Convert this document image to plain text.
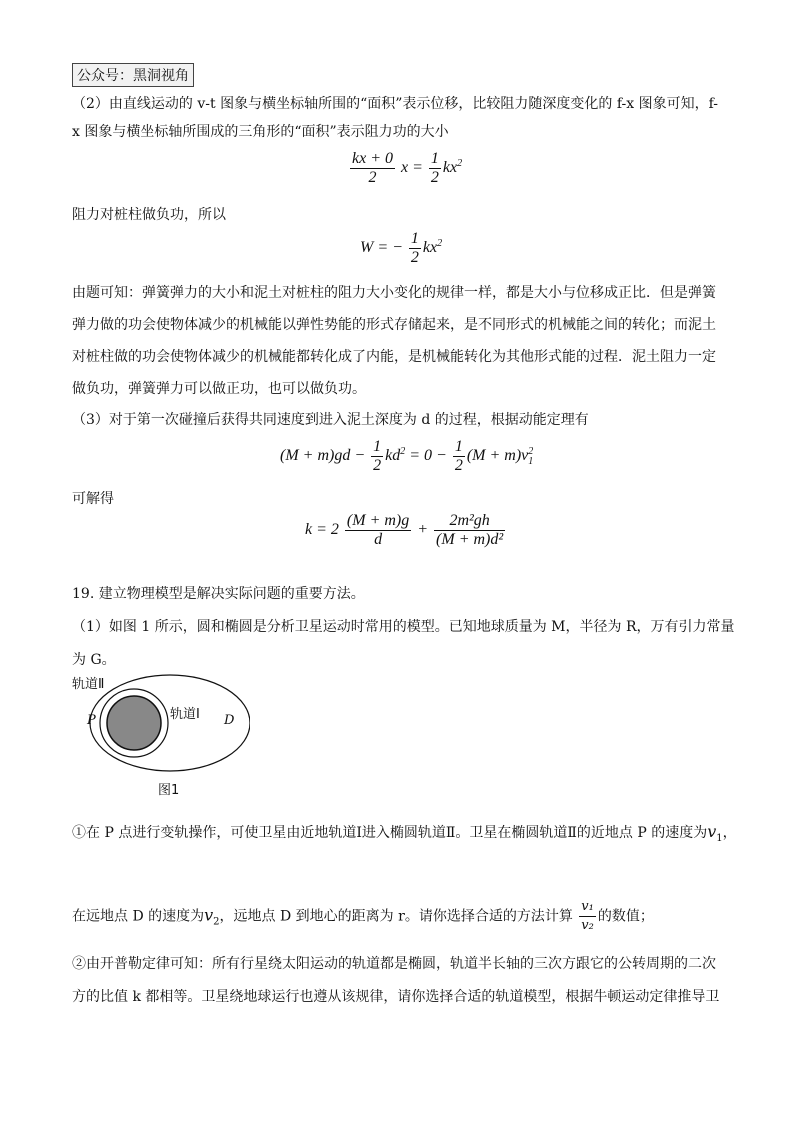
公众号：黑洞视角
（2）由直线运动的 v-t 图象与横坐标轴所围的“面积”表示位移，比较阻力随深度变化的 f-x 图象可知，f-
x 图象与横坐标轴所围成的三角形的“面积”表示阻力功的大小
$\frac{kx + 0}{2}$ $x = \frac{1}{2} kx^2$
阻力对桩柱做负功，所以
W = − $\frac{1}{2} kx^2$
由题可知：弹簧弹力的大小和泥土对桩柱的阻力大小变化的规律一样，都是大小与位移成正比．但是弹簧
弹力做的功会使物体减少的机械能以弹性势能的形式存储起来，是不同形式的机械能之间的转化；而泥土
对桩柱做的功会使物体减少的机械能都转化成了内能，是机械能转化为其他形式能的过程．泥土阻力一定
做负功，弹簧弹力可以做正功，也可以做负功。
（3）对于第一次碰撞后获得共同速度到进入泥土深度为 d 的过程，根据动能定理有
$(M + m)gd - \frac{1}{2} kd^2 = 0 - \frac{1}{2} (M + m)v$ 2
1
可解得
$k = 2 \frac{(M + m)g}{d} + \frac{\text{2m²gh}}{\text{(M + m)d²}}$
19. 建立物理模型是解决实际问题的重要方法。
（1）如图 1 所示，圆和椭圆是分析卫星运动时常用的模型。已知地球质量为 M，半径为 R，万有引力常量
为 G。
轨道Ⅱ
轨道Ⅰ
P	D
图1
①在 P 点进行变轨操作，可使卫星由近地轨道Ⅰ进入椭圆轨道Ⅱ。卫星在椭圆轨道Ⅱ的近地点 P 的速度为$v_1$，
在远地点 D 的速度为$v_2$，远地点 D 到地心的距离为 r。请你选择合适的方法计算 $\frac{\text{v₁}}{\text{v₂}}$ 的数值；
②由开普勒定律可知：所有行星绕太阳运动的轨道都是椭圆，轨道半长轴的三次方跟它的公转周期的二次
方的比值 k 都相等。卫星绕地球运行也遵从该规律，请你选择合适的轨道模型，根据牛顿运动定律推导卫
